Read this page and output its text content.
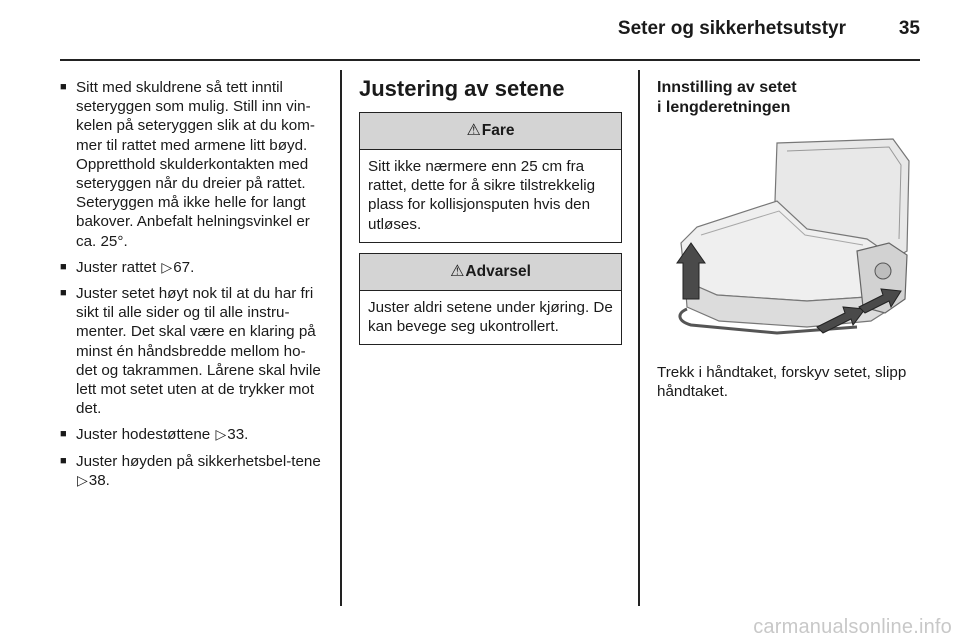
Seter og sikkerhetsutstyr	35
■ Sitt med skuldrene så tett inntil seteryggen som mulig. Still inn vin-kelen på seteryggen slik at du kom-mer til rattet med armene litt bøyd. Oppretthold skulderkontakten med seteryggen når du dreier på rattet. Seteryggen må ikke helle for langt bakover. Anbefalt helningsvinkel er ca. 25°.
■ Juster rattet ▷67.
■ Juster setet høyt nok til at du har fri sikt til alle sider og til alle instru-menter. Det skal være en klaring på minst én håndsbredde mellom ho-det og takrammen. Lårene skal hvile lett mot setet uten at de trykker mot det.
■ Juster hodestøttene ▷33.
■ Juster høyden på sikkerhetsbel-tene ▷38.
Justering av setene
⚠Fare
Sitt ikke nærmere enn 25 cm fra rattet, dette for å sikre tilstrekkelig plass for kollisjonsputen hvis den utløses.
⚠Advarsel
Juster aldri setene under kjøring. De kan bevege seg ukontrollert.
Innstilling av setet
i lengderetningen
Trekk i håndtaket, forskyv setet, slipp håndtaket.
carmanualsonline.info
